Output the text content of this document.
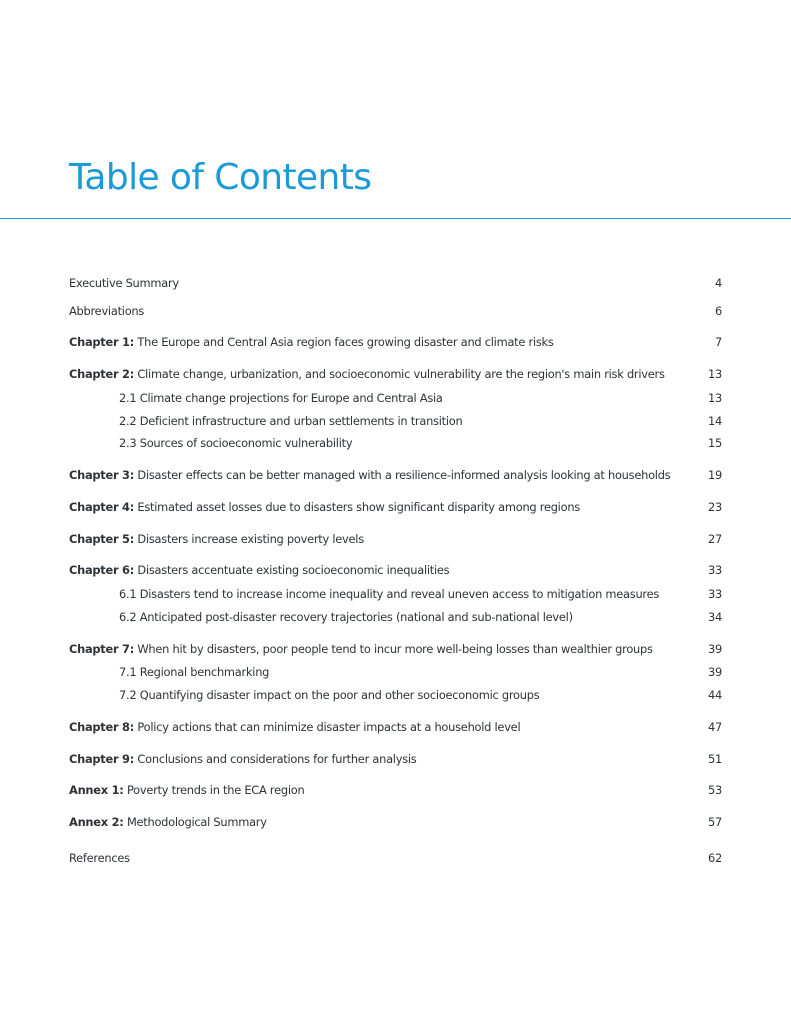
Table of Contents
Executive Summary	4
Abbreviations	6
Chapter 1: The Europe and Central Asia region faces growing disaster and climate risks	7
Chapter 2: Climate change, urbanization, and socioeconomic vulnerability are the region's main risk drivers	13
2.1 Climate change projections for Europe and Central Asia	13
2.2 Deficient infrastructure and urban settlements in transition	14
2.3 Sources of socioeconomic vulnerability	15
Chapter 3: Disaster effects can be better managed with a resilience-informed analysis looking at households	19
Chapter 4: Estimated asset losses due to disasters show significant disparity among regions	23
Chapter 5: Disasters increase existing poverty levels	27
Chapter 6: Disasters accentuate existing socioeconomic inequalities	33
6.1 Disasters tend to increase income inequality and reveal uneven access to mitigation measures	33
6.2 Anticipated post-disaster recovery trajectories (national and sub-national level)	34
Chapter 7: When hit by disasters, poor people tend to incur more well-being losses than wealthier groups	39
7.1 Regional benchmarking	39
7.2 Quantifying disaster impact on the poor and other socioeconomic groups	44
Chapter 8: Policy actions that can minimize disaster impacts at a household level	47
Chapter 9: Conclusions and considerations for further analysis	51
Annex 1: Poverty trends in the ECA region	53
Annex 2: Methodological Summary	57
References	62
